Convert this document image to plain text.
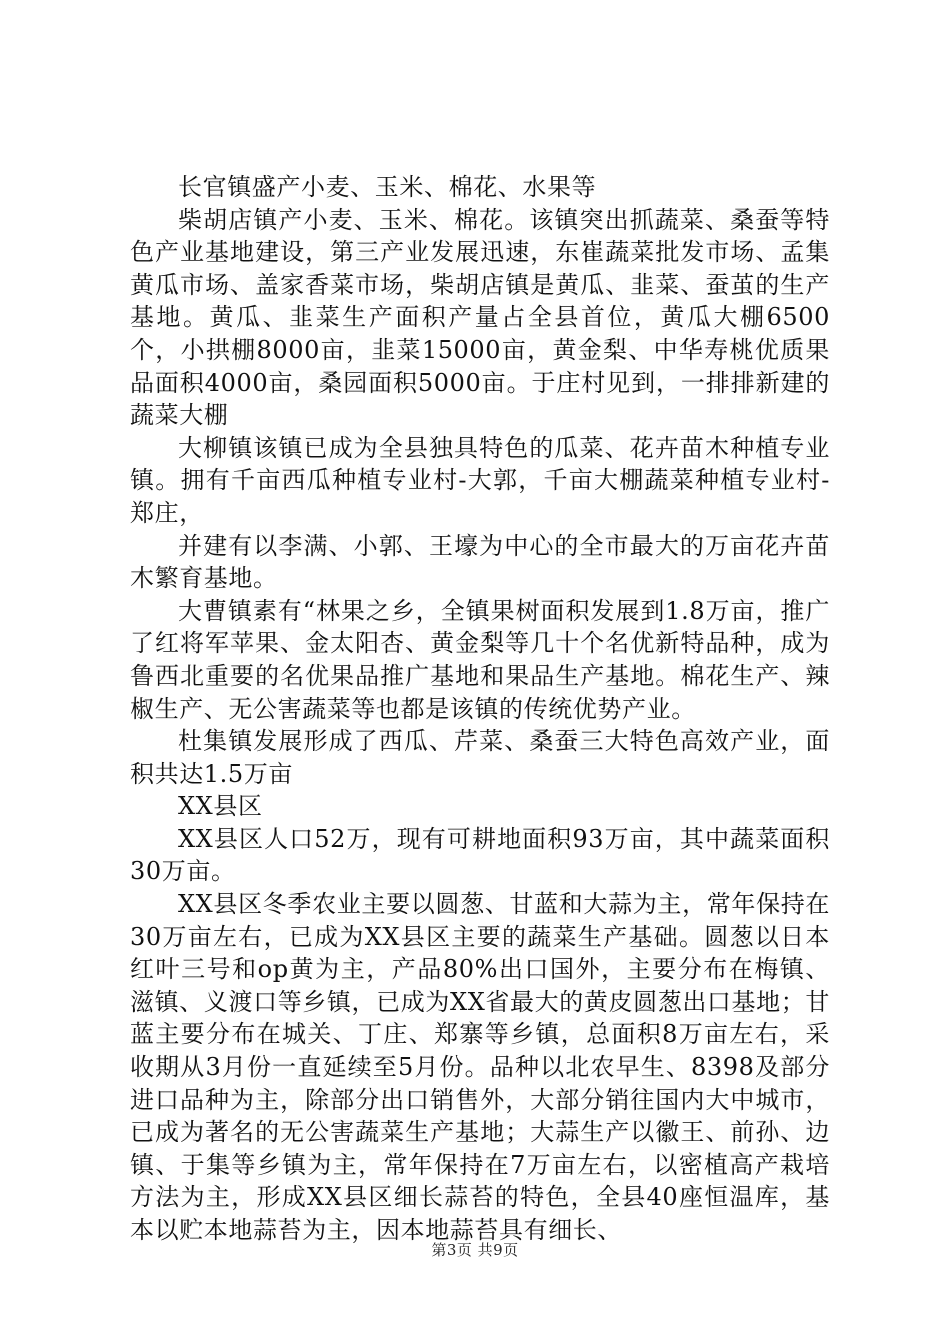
长官镇盛产小麦、玉米、棉花、水果等

柴胡店镇产小麦、玉米、棉花。该镇突出抓蔬菜、桑蚕等特色产业基地建设，第三产业发展迅速，东崔蔬菜批发市场、孟集黄瓜市场、盖家香菜市场，柴胡店镇是黄瓜、韭菜、蚕茧的生产基地。黄瓜、韭菜生产面积产量占全县首位，黄瓜大棚6500个，小拱棚8000亩，韭菜15000亩，黄金梨、中华寿桃优质果品面积4000亩，桑园面积5000亩。于庄村见到，一排排新建的蔬菜大棚

大柳镇该镇已成为全县独具特色的瓜菜、花卉苗木种植专业镇。拥有千亩西瓜种植专业村-大郭，千亩大棚蔬菜种植专业村-郑庄，

并建有以李满、小郭、王壕为中心的全市最大的万亩花卉苗木繁育基地。

大曹镇素有“林果之乡，全镇果树面积发展到1.8万亩，推广了红将军苹果、金太阳杏、黄金梨等几十个名优新特品种，成为鲁西北重要的名优果品推广基地和果品生产基地。棉花生产、辣椒生产、无公害蔬菜等也都是该镇的传统优势产业。

杜集镇发展形成了西瓜、芹菜、桑蚕三大特色高效产业，面积共达1.5万亩

XX县区

XX县区人口52万，现有可耕地面积93万亩，其中蔬菜面积30万亩。

XX县区冬季农业主要以圆葱、甘蓝和大蒜为主，常年保持在30万亩左右，已成为XX县区主要的蔬菜生产基础。圆葱以日本红叶三号和op黄为主，产品80%出口国外，主要分布在梅镇、滋镇、义渡口等乡镇，已成为XX省最大的黄皮圆葱出口基地；甘蓝主要分布在城关、丁庄、郑寨等乡镇，总面积8万亩左右，采收期从3月份一直延续至5月份。品种以北农早生、8398及部分进口品种为主，除部分出口销售外，大部分销往国内大中城市，已成为著名的无公害蔬菜生产基地；大蒜生产以徽王、前孙、边镇、于集等乡镇为主，常年保持在7万亩左右，以密植高产栽培方法为主，形成XX县区细长蒜苔的特色，全县40座恒温库，基本以贮本地蒜苔为主，因本地蒜苔具有细长、

第3页 共9页
